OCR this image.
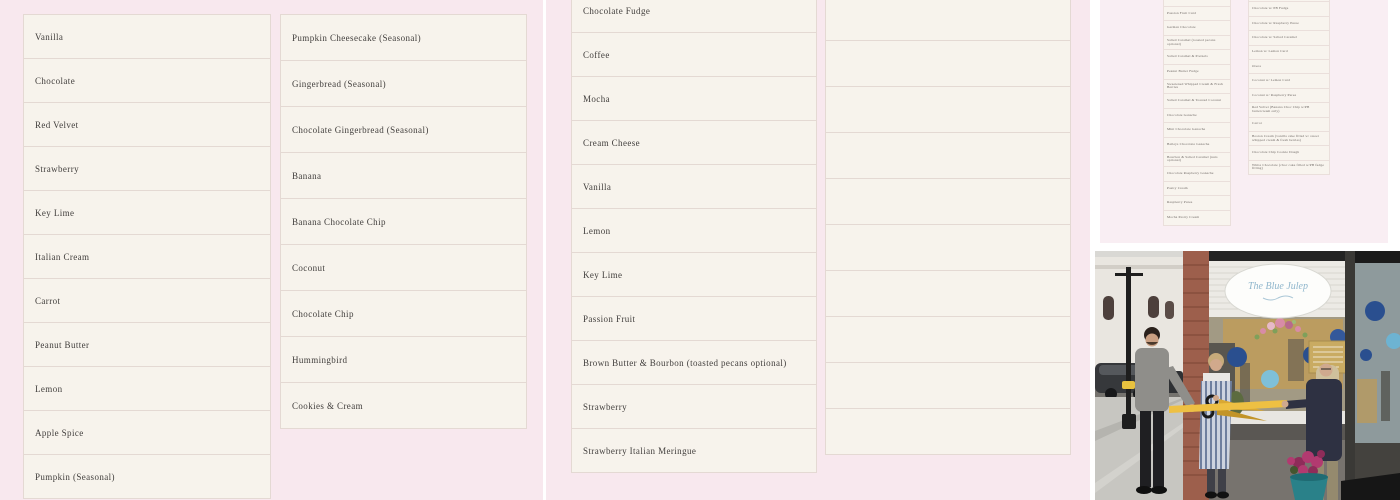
Vanilla
Chocolate
Red Velvet
Strawberry
Key Lime
Italian Cream
Carrot
Peanut Butter
Lemon
Apple Spice
Pumpkin (Seasonal)
Pumpkin Cheesecake (Seasonal)
Gingerbread (Seasonal)
Chocolate Gingerbread (Seasonal)
Banana
Banana Chocolate Chip
Coconut
Chocolate Chip
Hummingbird
Cookies & Cream
Chocolate Fudge
Coffee
Mocha
Cream Cheese
Vanilla
Lemon
Key Lime
Passion Fruit
Brown Butter & Bourbon (toasted pecans optional)
Strawberry
Strawberry Italian Meringue
Passion Fruit Curd
German Chocolate
Salted Caramel (toasted pecans optional)
Salted Caramel & Pretzels
Peanut Butter Fudge
Sweetened Whipped Cream & Fresh Berries
Salted Caramel & Toasted Coconut
Chocolate Ganache
Mint Chocolate Ganache
Baileys Chocolate Ganache
Bourbon & Salted Caramel (nuts optional)
Chocolate Raspberry Ganache
Pastry Cream
Raspberry Puree
Mocha Pastry Cream
Chocolate w/ PB Fudge
Chocolate w/ Raspberry Puree
Chocolate w/ Salted Caramel
Lemon w/ Lemon Curd
Oreos
Coconut w/ Lemon Curd
Coconut w/ Raspberry Puree
Red Velvet (Banana Choc Chip w/PB buttercream only)
Carrot
Boston Cream (vanilla cake filled w/ sweet whipped cream & fresh berries)
Chocolate Chip Cookie Dough
White Chocolate (choc cake filled w/PB fudge filling)
The Blue Julep
